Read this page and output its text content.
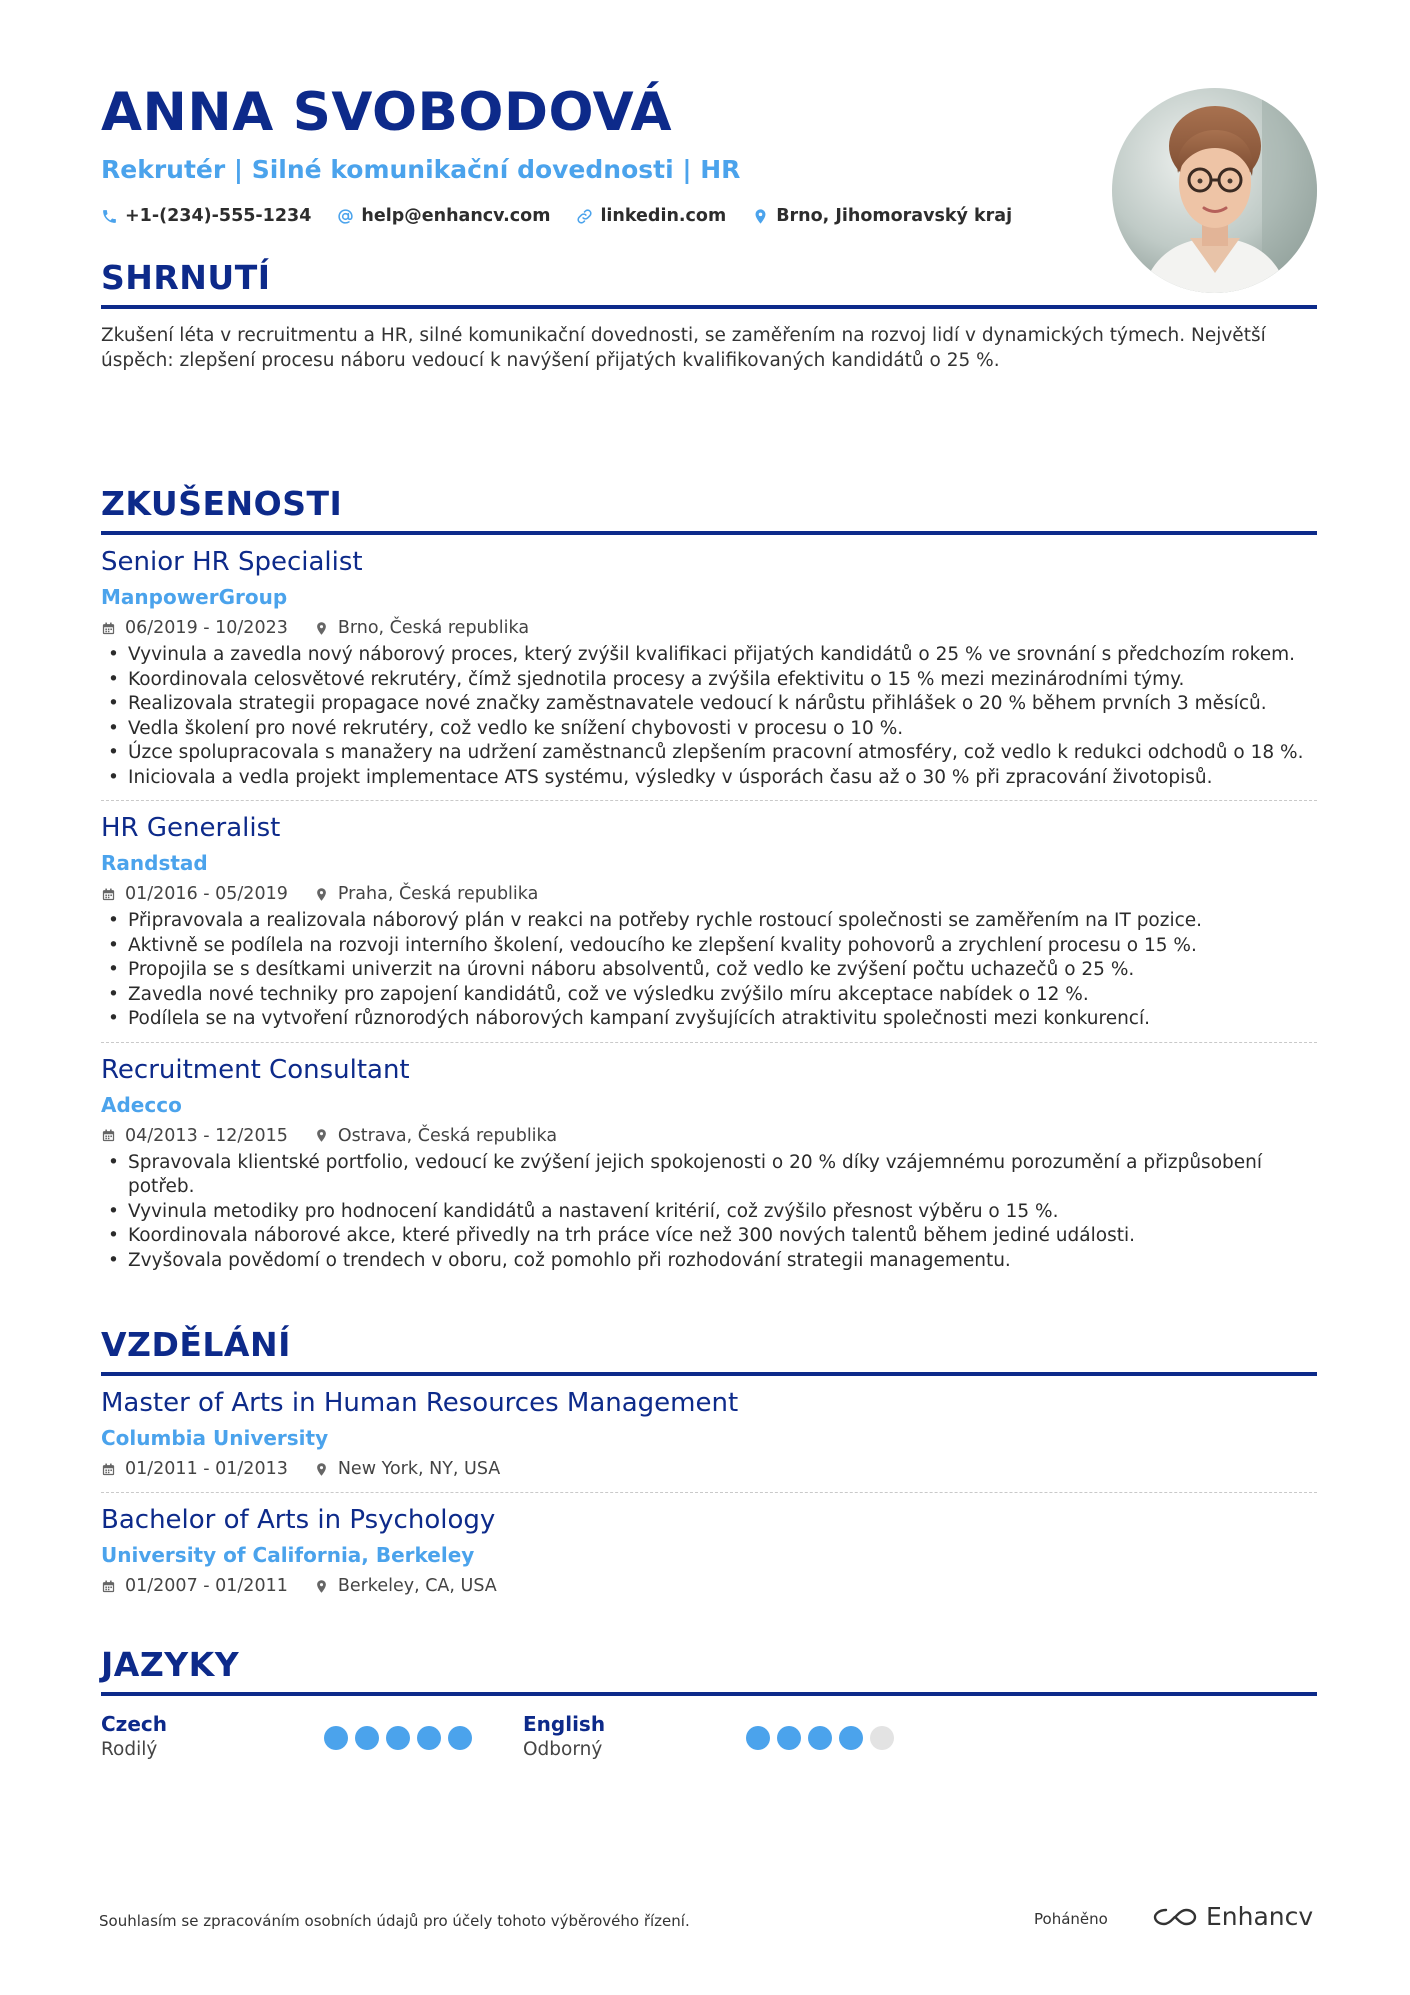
ANNA SVOBODOVÁ
Rekrutér | Silné komunikační dovednosti | HR
+1-(234)-555-1234	help@enhancv.com	linkedin.com	Brno, Jihomoravský kraj
SHRNUTÍ
Zkušení léta v recruitmentu a HR, silné komunikační dovednosti, se zaměřením na rozvoj lidí v dynamických týmech. Největší úspěch: zlepšení procesu náboru vedoucí k navýšení přijatých kvalifikovaných kandidátů o 25 %.
ZKUŠENOSTI
Senior HR Specialist
ManpowerGroup
06/2019 - 10/2023	Brno, Česká republika
• Vyvinula a zavedla nový náborový proces, který zvýšil kvalifikaci přijatých kandidátů o 25 % ve srovnání s předchozím rokem.
• Koordinovala celosvětové rekrutéry, čímž sjednotila procesy a zvýšila efektivitu o 15 % mezi mezinárodními týmy.
• Realizovala strategii propagace nové značky zaměstnavatele vedoucí k nárůstu přihlášek o 20 % během prvních 3 měsíců.
• Vedla školení pro nové rekrutéry, což vedlo ke snížení chybovosti v procesu o 10 %.
• Úzce spolupracovala s manažery na udržení zaměstnanců zlepšením pracovní atmosféry, což vedlo k redukci odchodů o 18 %.
• Iniciovala a vedla projekt implementace ATS systému, výsledky v úsporách času až o 30 % při zpracování životopisů.
HR Generalist
Randstad
01/2016 - 05/2019	Praha, Česká republika
• Připravovala a realizovala náborový plán v reakci na potřeby rychle rostoucí společnosti se zaměřením na IT pozice.
• Aktivně se podílela na rozvoji interního školení, vedoucího ke zlepšení kvality pohovorů a zrychlení procesu o 15 %.
• Propojila se s desítkami univerzit na úrovni náboru absolventů, což vedlo ke zvýšení počtu uchazečů o 25 %.
• Zavedla nové techniky pro zapojení kandidátů, což ve výsledku zvýšilo míru akceptace nabídek o 12 %.
• Podílela se na vytvoření různorodých náborových kampaní zvyšujících atraktivitu společnosti mezi konkurencí.
Recruitment Consultant
Adecco
04/2013 - 12/2015	Ostrava, Česká republika
• Spravovala klientské portfolio, vedoucí ke zvýšení jejich spokojenosti o 20 % díky vzájemnému porozumění a přizpůsobení potřeb.
• Vyvinula metodiky pro hodnocení kandidátů a nastavení kritérií, což zvýšilo přesnost výběru o 15 %.
• Koordinovala náborové akce, které přivedly na trh práce více než 300 nových talentů během jediné události.
• Zvyšovala povědomí o trendech v oboru, což pomohlo při rozhodování strategii managementu.
VZDĚLÁNÍ
Master of Arts in Human Resources Management
Columbia University
01/2011 - 01/2013	New York, NY, USA
Bachelor of Arts in Psychology
University of California, Berkeley
01/2007 - 01/2011	Berkeley, CA, USA
JAZYKY
Czech
Rodilý
English
Odborný
Souhlasím se zpracováním osobních údajů pro účely tohoto výběrového řízení.	Poháněno	Enhancv
